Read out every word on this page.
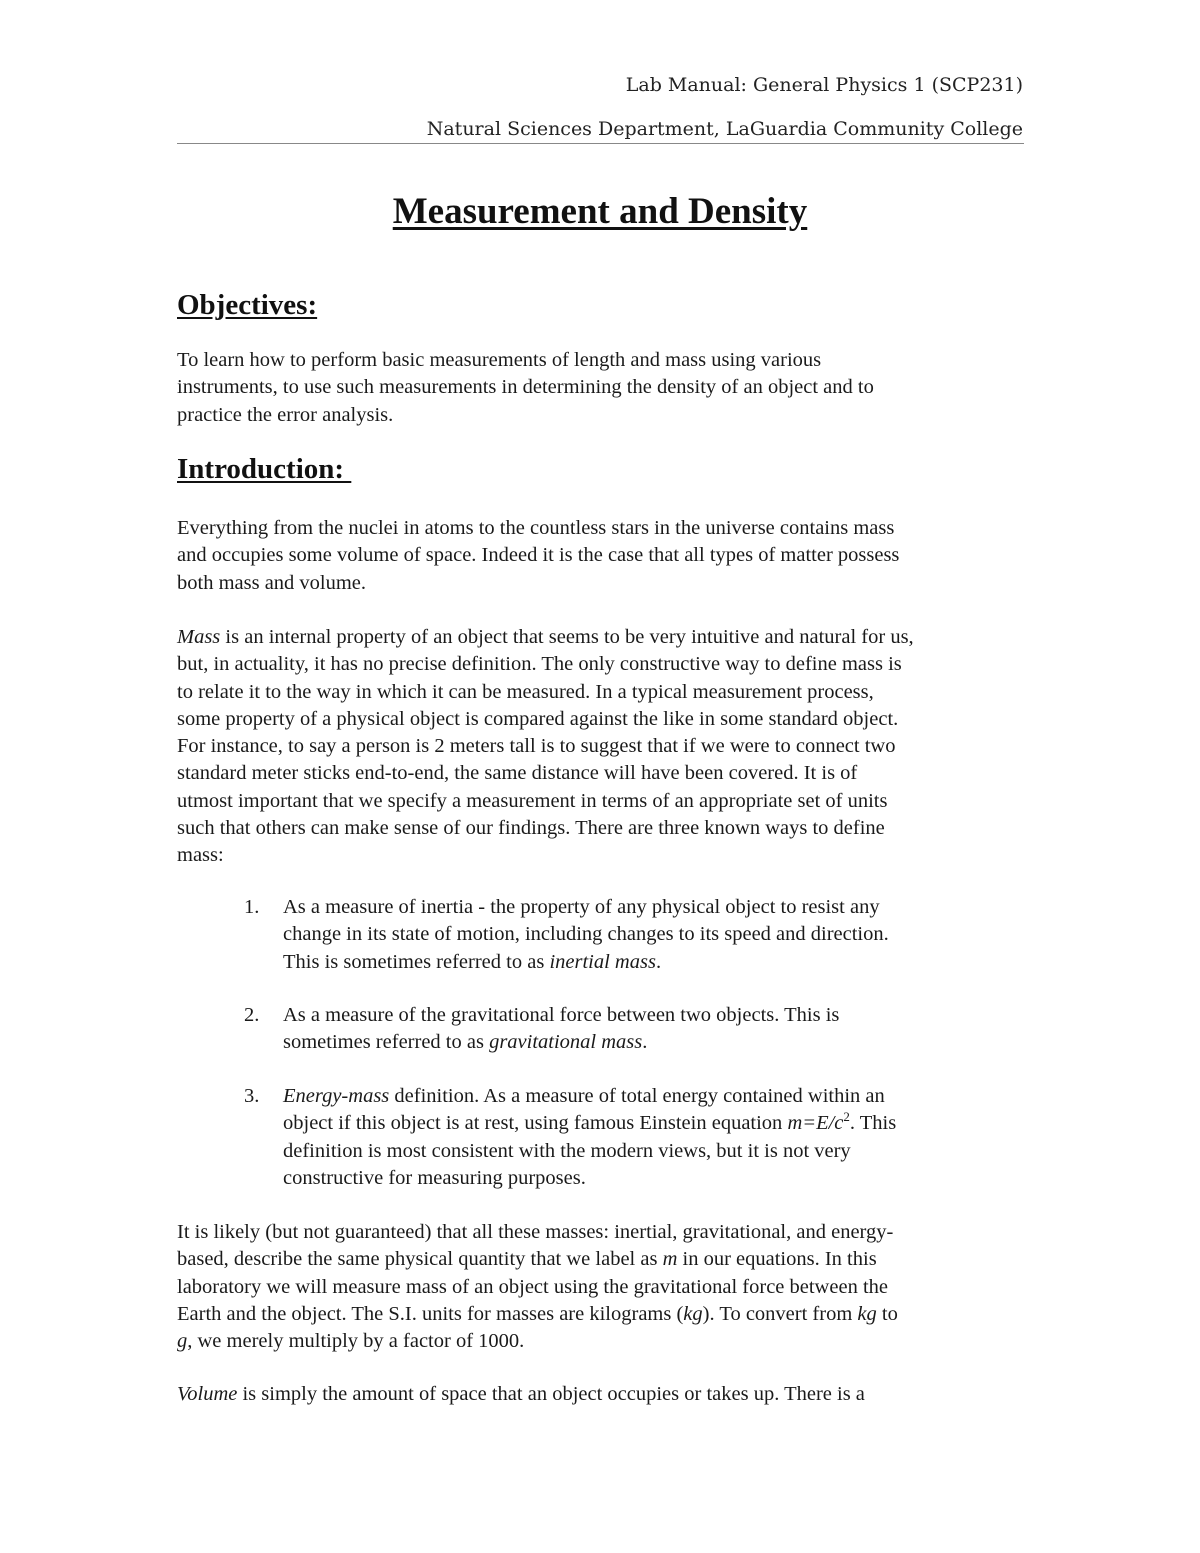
Lab Manual: General Physics 1 (SCP231)
Natural Sciences Department, LaGuardia Community College
Measurement and Density
Objectives:
To learn how to perform basic measurements of length and mass using various
instruments, to use such measurements in determining the density of an object and to
practice the error analysis.
Introduction:
Everything from the nuclei in atoms to the countless stars in the universe contains mass
and occupies some volume of space. Indeed it is the case that all types of matter possess
both mass and volume.
Mass is an internal property of an object that seems to be very intuitive and natural for us,
but, in actuality, it has no precise definition. The only constructive way to define mass is
to relate it to the way in which it can be measured. In a typical measurement process,
some property of a physical object is compared against the like in some standard object.
For instance, to say a person is 2 meters tall is to suggest that if we were to connect two
standard meter sticks end-to-end, the same distance will have been covered. It is of
utmost important that we specify a measurement in terms of an appropriate set of units
such that others can make sense of our findings. There are three known ways to define
mass:
1.	As a measure of inertia - the property of any physical object to resist any
change in its state of motion, including changes to its speed and direction.
This is sometimes referred to as inertial mass.
2.	As a measure of the gravitational force between two objects. This is
sometimes referred to as gravitational mass.
3.	Energy-mass definition. As a measure of total energy contained within an
object if this object is at rest, using famous Einstein equation $m=E/c^2$. This
definition is most consistent with the modern views, but it is not very
constructive for measuring purposes.
It is likely (but not guaranteed) that all these masses: inertial, gravitational, and energy-
based, describe the same physical quantity that we label as m in our equations. In this
laboratory we will measure mass of an object using the gravitational force between the
Earth and the object. The S.I. units for masses are kilograms (kg). To convert from kg to
g, we merely multiply by a factor of 1000.
Volume is simply the amount of space that an object occupies or takes up. There is a
